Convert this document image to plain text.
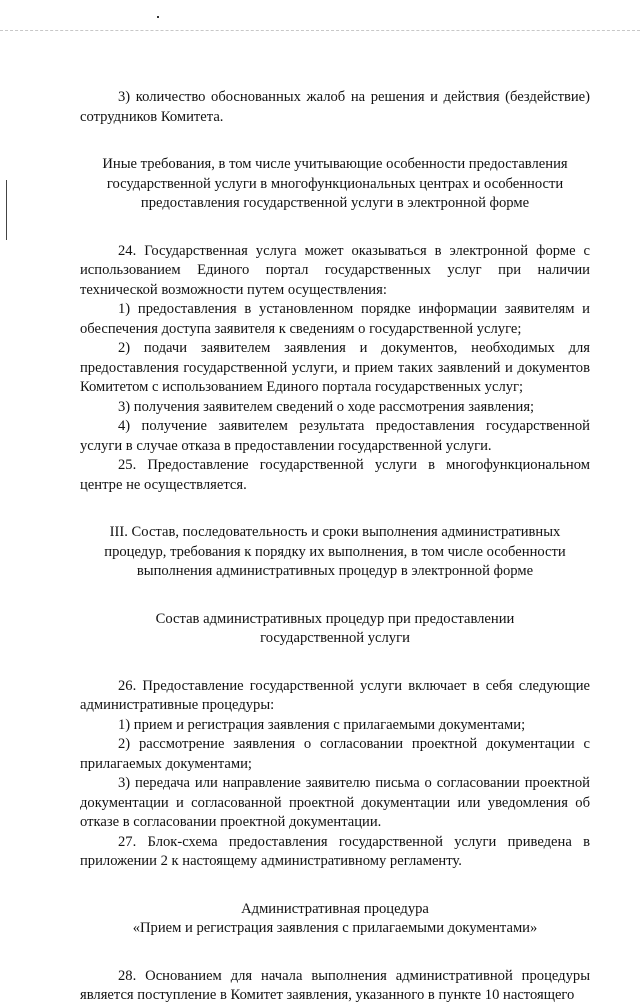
3) количество обоснованных жалоб на решения и действия (бездействие) сотрудников Комитета.

Иные требования, в том числе учитывающие особенности предоставления государственной услуги в многофункциональных центрах и особенности предоставления государственной услуги в электронной форме

24. Государственная услуга может оказываться в электронной форме с использованием Единого портал государственных услуг при наличии технической возможности путем осуществления:

1) предоставления в установленном порядке информации заявителям и обеспечения доступа заявителя к сведениям о государственной услуге;

2) подачи заявителем заявления и документов, необходимых для предоставления государственной услуги, и прием таких заявлений и документов Комитетом с использованием Единого портала государственных услуг;

3) получения заявителем сведений о ходе рассмотрения заявления;

4) получение заявителем результата предоставления государственной услуги в случае отказа в предоставлении государственной услуги.

25. Предоставление государственной услуги в многофункциональном центре не осуществляется.

III. Состав, последовательность и сроки выполнения административных процедур, требования к порядку их выполнения, в том числе особенности выполнения административных процедур в электронной форме

Состав административных процедур при предоставлении государственной услуги

26. Предоставление государственной услуги включает в себя следующие административные процедуры:

1) прием и регистрация заявления с прилагаемыми документами;

2) рассмотрение заявления о согласовании проектной документации с прилагаемых документами;

3) передача или направление заявителю письма о согласовании проектной документации и согласованной проектной документации или уведомления об отказе в согласовании проектной документации.

27. Блок-схема предоставления государственной услуги приведена в приложении 2 к настоящему административному регламенту.

Административная процедура

«Прием и регистрация заявления с прилагаемыми документами»

28. Основанием для начала выполнения административной процедуры является поступление в Комитет заявления, указанного в пункте 10 настоящего
